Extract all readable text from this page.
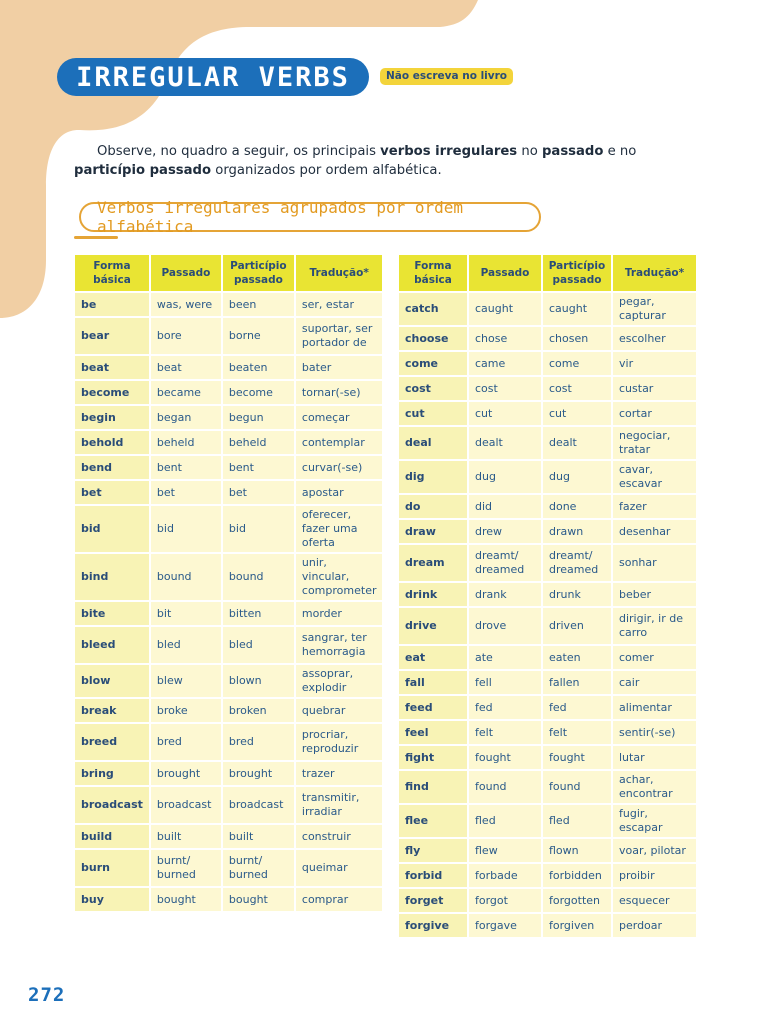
IRREGULAR VERBS	Não escreva no livro

Observe, no quadro a seguir, os principais verbos irregulares no passado e no particípio passado organizados por ordem alfabética.

Verbos irregulares agrupados por ordem alfabética
Forma básica	Passado	Particípio passado	Tradução*
be	was, were	been	ser, estar
bear	bore	borne	suportar, ser portador de
beat	beat	beaten	bater
become	became	become	tornar(-se)
begin	began	begun	começar
behold	beheld	beheld	contemplar
bend	bent	bent	curvar(-se)
bet	bet	bet	apostar
bid	bid	bid	oferecer, fazer uma oferta
bind	bound	bound	unir, vincular, comprometer
bite	bit	bitten	morder
bleed	bled	bled	sangrar, ter hemorragia
blow	blew	blown	assoprar, explodir
break	broke	broken	quebrar
breed	bred	bred	procriar, reproduzir
bring	brought	brought	trazer
broadcast	broadcast	broadcast	transmitir, irradiar
build	built	built	construir
burn	burnt/ burned	burnt/ burned	queimar
buy	bought	bought	comprar
Forma básica	Passado	Particípio passado	Tradução*
catch	caught	caught	pegar, capturar
choose	chose	chosen	escolher
come	came	come	vir
cost	cost	cost	custar
cut	cut	cut	cortar
deal	dealt	dealt	negociar, tratar
dig	dug	dug	cavar, escavar
do	did	done	fazer
draw	drew	drawn	desenhar
dream	dreamt/ dreamed	dreamt/ dreamed	sonhar
drink	drank	drunk	beber
drive	drove	driven	dirigir, ir de carro
eat	ate	eaten	comer
fall	fell	fallen	cair
feed	fed	fed	alimentar
feel	felt	felt	sentir(-se)
fight	fought	fought	lutar
find	found	found	achar, encontrar
flee	fled	fled	fugir, escapar
fly	flew	flown	voar, pilotar
forbid	forbade	forbidden	proibir
forget	forgot	forgotten	esquecer
forgive	forgave	forgiven	perdoar
272
